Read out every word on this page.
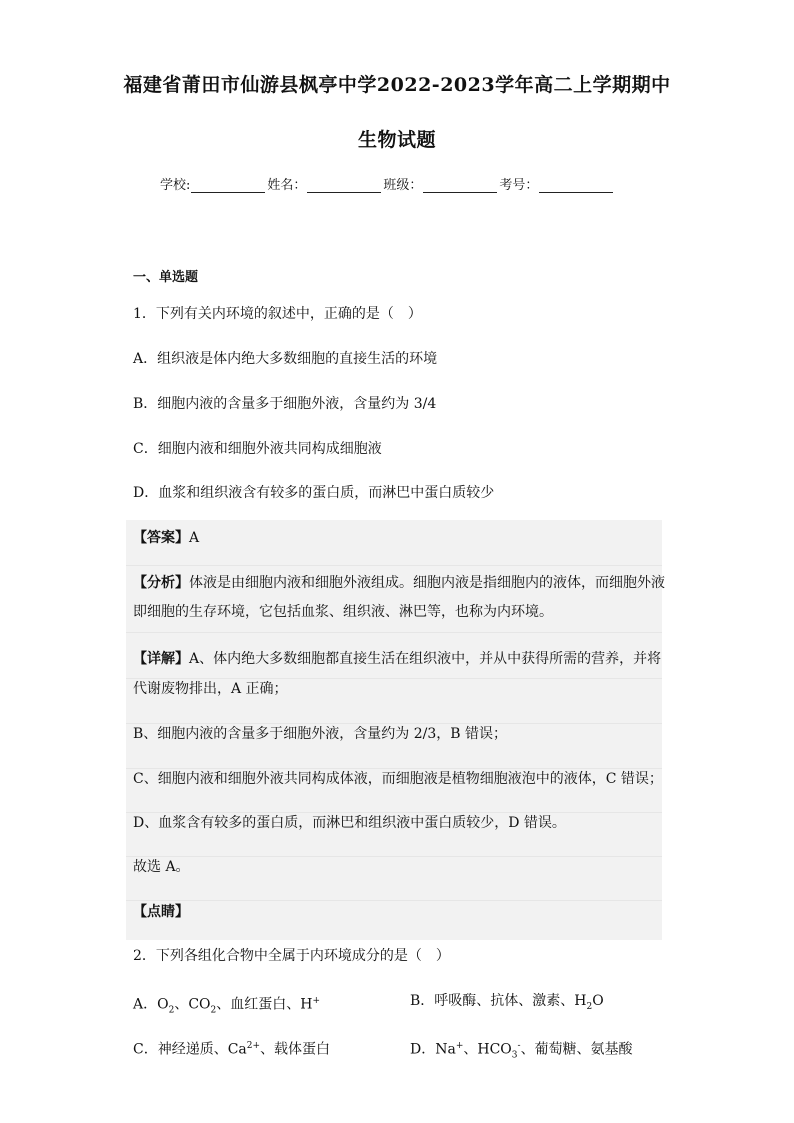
福建省莆田市仙游县枫亭中学2022-2023学年高二上学期期中
生物试题
学校:	姓名：	班级：	考号：
一、单选题
1．下列有关内环境的叙述中，正确的是（　）
A．组织液是体内绝大多数细胞的直接生活的环境
B．细胞内液的含量多于细胞外液，含量约为 3/4
C．细胞内液和细胞外液共同构成细胞液
D．血浆和组织液含有较多的蛋白质，而淋巴中蛋白质较少
【答案】A
【分析】体液是由细胞内液和细胞外液组成。细胞内液是指细胞内的液体，而细胞外液
即细胞的生存环境，它包括血浆、组织液、淋巴等，也称为内环境。
【详解】A、体内绝大多数细胞都直接生活在组织液中，并从中获得所需的营养，并将
代谢废物排出，A 正确；
B、细胞内液的含量多于细胞外液，含量约为 2/3，B 错误；
C、细胞内液和细胞外液共同构成体液，而细胞液是植物细胞液泡中的液体，C 错误；
D、血浆含有较多的蛋白质，而淋巴和组织液中蛋白质较少，D 错误。
故选 A。
【点睛】
2．下列各组化合物中全属于内环境成分的是（　）
A．$O_2$、$CO_2$、血红蛋白、H+	B．呼吸酶、抗体、激素、$H_2O$
C．神经递质、$Ca^{2+}$、载体蛋白	D．Na+、$HCO_3^-$、葡萄糖、氨基酸
